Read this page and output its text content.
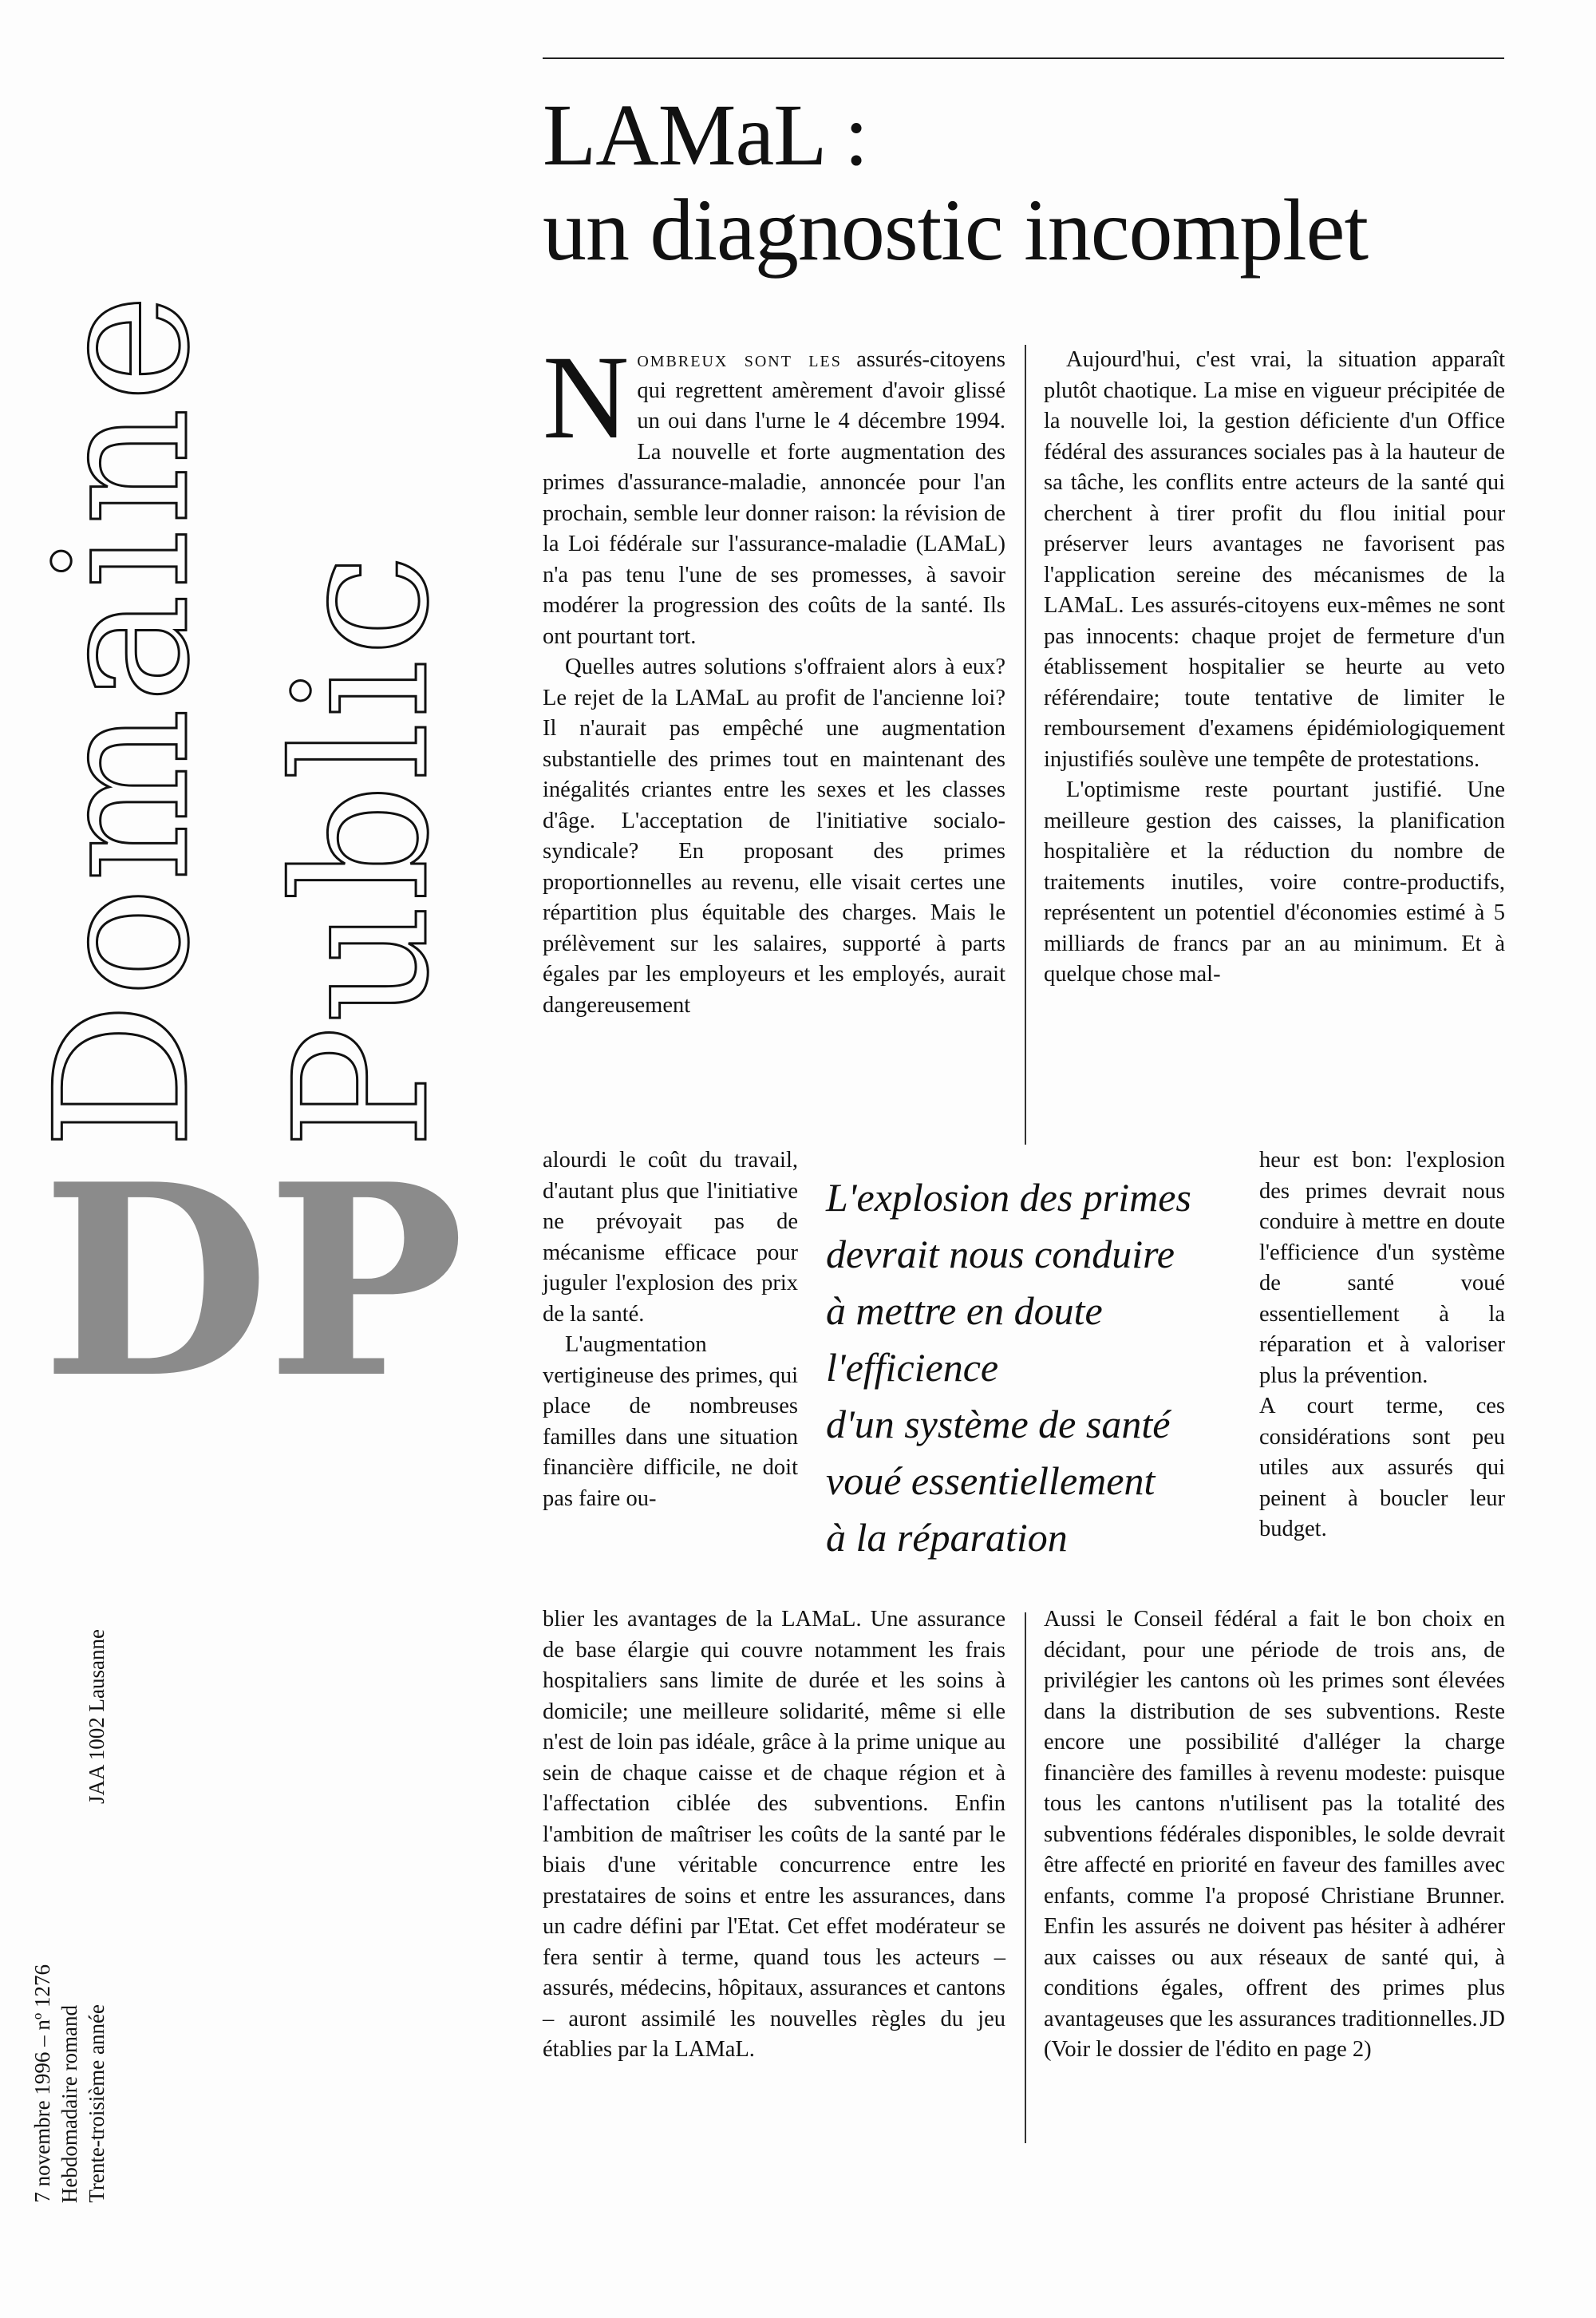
Domaine Public
DP
7 novembre 1996 – nº 1276 Hebdomadaire romand Trente-troisième année
JAA 1002 Lausanne
LAMaL :
un diagnostic incomplet

Nombreux sont les assurés-citoyens qui regrettent amèrement d'avoir glissé un oui dans l'urne le 4 décembre 1994. La nouvelle et forte augmentation des primes d'assurance-maladie, annoncée pour l'an prochain, semble leur donner raison: la révision de la Loi fédérale sur l'assurance-maladie (LAMaL) n'a pas tenu l'une de ses promesses, à savoir modérer la progression des coûts de la santé. Ils ont pourtant tort.

Quelles autres solutions s'offraient alors à eux? Le rejet de la LAMaL au profit de l'ancienne loi? Il n'aurait pas empêché une augmentation substantielle des primes tout en maintenant des inégalités criantes entre les sexes et les classes d'âge. L'acceptation de l'initiative socialo-syndicale? En proposant des primes proportionnelles au revenu, elle visait certes une répartition plus équitable des charges. Mais le prélèvement sur les salaires, supporté à parts égales par les employeurs et les employés, aurait dangereusement

alourdi le coût du travail, d'autant plus que l'initiative ne prévoyait pas de mécanisme efficace pour juguler l'explosion des prix de la santé.

L'augmentation vertigineuse des primes, qui place de nombreuses familles dans une situation financière difficile, ne doit pas faire ou-

blier les avantages de la LAMaL. Une assurance de base élargie qui couvre notamment les frais hospitaliers sans limite de durée et les soins à domicile; une meilleure solidarité, même si elle n'est de loin pas idéale, grâce à la prime unique au sein de chaque caisse et de chaque région et à l'affectation ciblée des subventions. Enfin l'ambition de maîtriser les coûts de la santé par le biais d'une véritable concurrence entre les prestataires de soins et entre les assurances, dans un cadre défini par l'Etat. Cet effet modérateur se fera sentir à terme, quand tous les acteurs – assurés, médecins, hôpitaux, assurances et cantons – auront assimilé les nouvelles règles du jeu établies par la LAMaL.

Aujourd'hui, c'est vrai, la situation apparaît plutôt chaotique. La mise en vigueur précipitée de la nouvelle loi, la gestion déficiente d'un Office fédéral des assurances sociales pas à la hauteur de sa tâche, les conflits entre acteurs de la santé qui cherchent à tirer profit du flou initial pour préserver leurs avantages ne favorisent pas l'application sereine des mécanismes de la LAMaL. Les assurés-citoyens eux-mêmes ne sont pas innocents: chaque projet de fermeture d'un établissement hospitalier se heurte au veto référendaire; toute tentative de limiter le remboursement d'examens épidémiologiquement injustifiés soulève une tempête de protestations.

L'optimisme reste pourtant justifié. Une meilleure gestion des caisses, la planification hospitalière et la réduction du nombre de traitements inutiles, voire contre-productifs, représentent un potentiel d'économies estimé à 5 milliards de francs par an au minimum. Et à quelque chose mal-

heur est bon: l'explosion des primes devrait nous conduire à mettre en doute l'efficience d'un système de santé voué essentiellement à la réparation et à valoriser plus la prévention.

A court terme, ces considérations sont peu utiles aux assurés qui peinent à boucler leur budget.

Aussi le Conseil fédéral a fait le bon choix en décidant, pour une période de trois ans, de privilégier les cantons où les primes sont élevées dans la distribution de ses subventions. Reste encore une possibilité d'alléger la charge financière des familles à revenu modeste: puisque tous les cantons n'utilisent pas la totalité des subventions fédérales disponibles, le solde devrait être affecté en priorité en faveur des familles avec enfants, comme l'a proposé Christiane Brunner. Enfin les assurés ne doivent pas hésiter à adhérer aux caisses ou aux réseaux de santé qui, à conditions égales, offrent des primes plus avantageuses que les assurances traditionnelles. JD

(Voir le dossier de l'édito en page 2)

L'explosion des primes
devrait nous conduire
à mettre en doute
l'efficience
d'un système de santé
voué essentiellement
à la réparation
